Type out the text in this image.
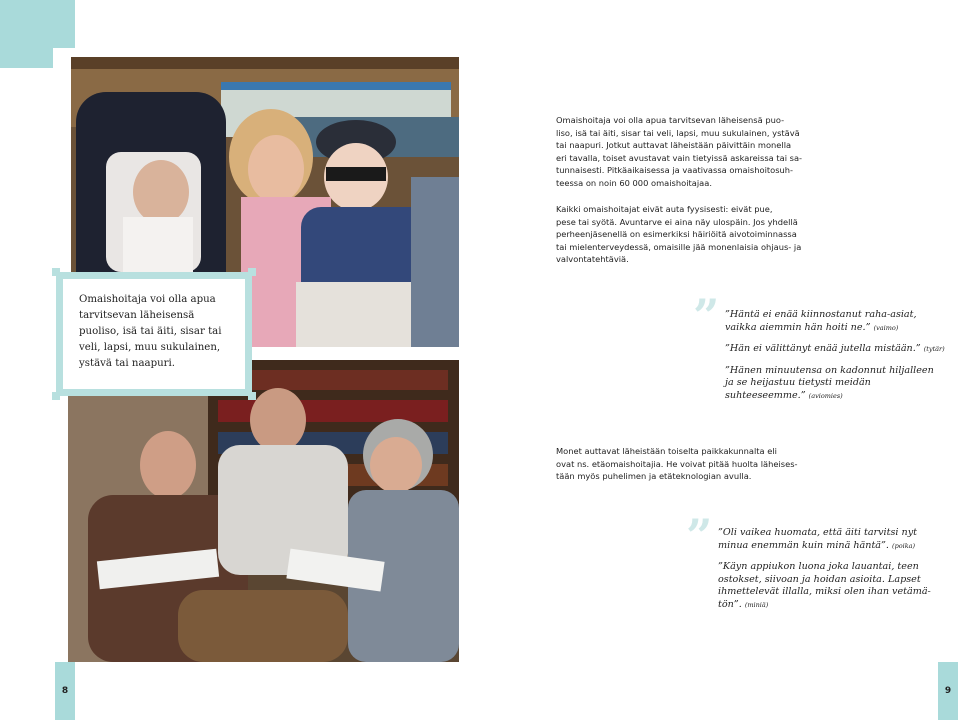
Omaishoitaja voi olla apua tarvitsevan läheisensä puoliso, isä tai äiti, sisar tai veli, lapsi, muu sukulainen, ystävä tai naapuri.
Omaishoitaja voi olla apua tarvitsevan läheisensä puo-
liso, isä tai äiti, sisar tai veli, lapsi, muu sukulainen, ystävä
tai naapuri. Jotkut auttavat läheistään päivittäin monella
eri tavalla, toiset avustavat vain tietyissä askareissa tai sa-
tunnaisesti. Pitkäaikaisessa ja vaativassa omaishoitosuh-
teessa on noin 60 000 omaishoitajaa.
Kaikki omaishoitajat eivät auta fyysisesti: eivät pue,
pese tai syötä. Avuntarve ei aina näy ulospäin. Jos yhdellä
perheenjäsenellä on esimerkiksi häiriöitä aivotoiminnassa
tai mielenterveydessä, omaisille jää monenlaisia ohjaus- ja
valvontatehtäviä.
” ”Häntä ei enää kiinnostanut raha-asiat, vaikka aiemmin hän hoiti ne.” (vaimo)
”Hän ei välittänyt enää jutella mistään.” (tytär)
”Hänen minuutensa on kadonnut hiljalleen ja se heijastuu tietysti meidän suhteeseemme.” (aviomies)
Monet auttavat läheistään toiselta paikkakunnalta eli
ovat ns. etäomaishoitajia. He voivat pitää huolta läheises-
tään myös puhelimen ja etäteknologian avulla.
” ”Oli vaikea huomata, että äiti tarvitsi nyt minua enemmän kuin minä häntä”. (poika)
”Käyn appiukon luona joka lauantai, teen ostokset, siivoan ja hoidan asioita. Lapset ihmettelevät illalla, miksi olen ihan vetämä-tön”. (miniä)
8	9
